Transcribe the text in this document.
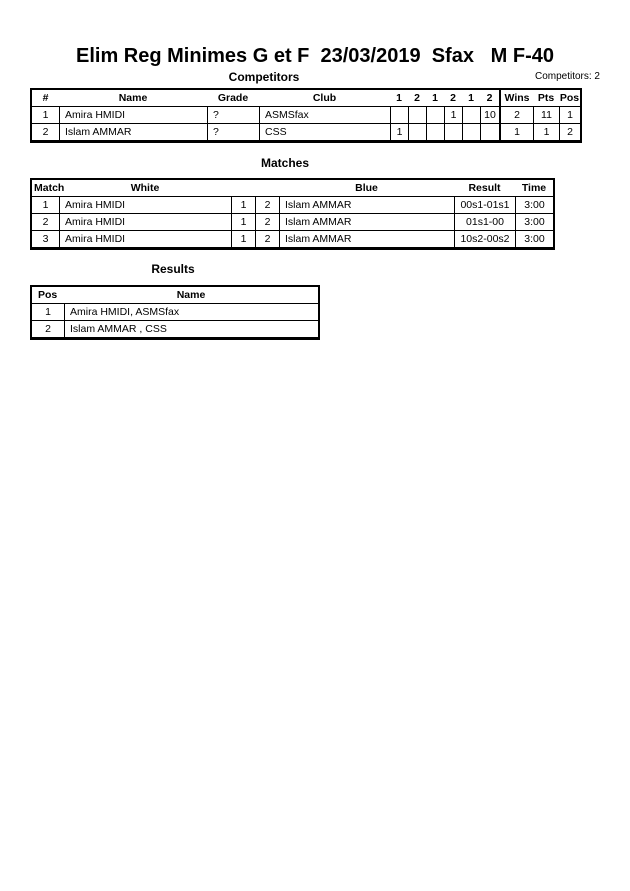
Elim Reg Minimes G et F  23/03/2019  Sfax   M F-40
Competitors	Competitors: 2
#	Name	Grade	Club	1	2	1	2	1	2	Wins	Pts	Pos
1	Amira HMIDI	?	ASMSfax				1		10	2	11	1
2	Islam AMMAR	?	CSS	1						1	1	2
Matches
Match	White			Blue	Result	Time
1	Amira HMIDI	1	2	Islam AMMAR	00s1-01s1	3:00
2	Amira HMIDI	1	2	Islam AMMAR	01s1-00	3:00
3	Amira HMIDI	1	2	Islam AMMAR	10s2-00s2	3:00
Results
Pos	Name
1	Amira HMIDI, ASMSfax
2	Islam AMMAR , CSS
